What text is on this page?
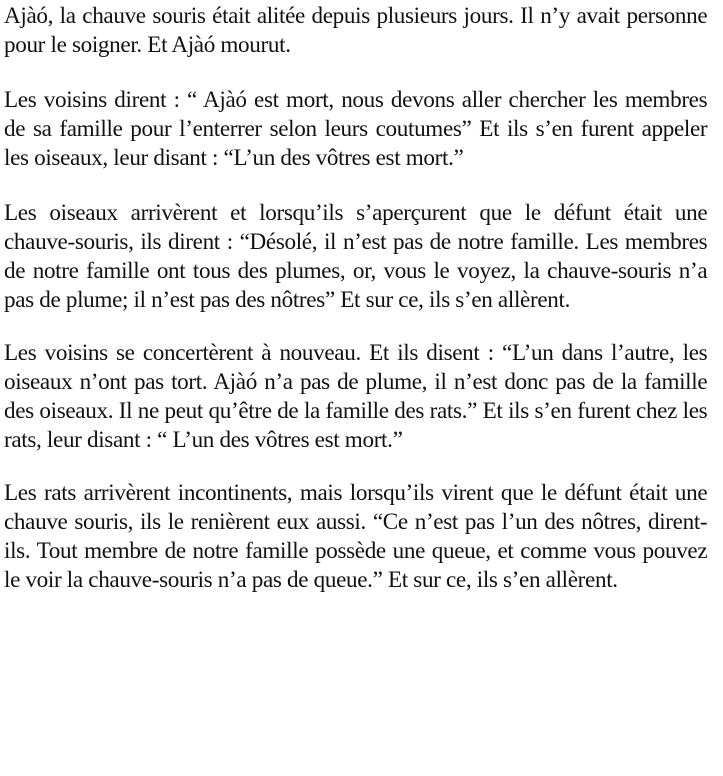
Ajàó, la chauve souris était alitée depuis plusieurs jours. Il n’y avait personne pour le soigner. Et Ajàó mourut.

Les voisins dirent : “ Ajàó est mort, nous devons aller chercher les membres de sa famille pour l’enterrer selon leurs coutumes” Et ils s’en furent appeler les oiseaux, leur disant : “L’un des vôtres est mort.”

Les oiseaux arrivèrent et lorsqu’ils s’aperçurent que le défunt était une chauve-souris, ils dirent : “Désolé, il n’est pas de notre famille. Les membres de notre famille ont tous des plumes, or, vous le voyez, la chauve-souris n’a pas de plume; il n’est pas des nôtres” Et sur ce, ils s’en allèrent.

Les voisins se concertèrent à nouveau. Et ils disent : “L’un dans l’autre, les oiseaux n’ont pas tort. Ajàó n’a pas de plume, il n’est donc pas de la famille des oiseaux. Il ne peut qu’être de la famille des rats.” Et ils s’en furent chez les rats, leur disant : “ L’un des vôtres est mort.”

Les rats arrivèrent incontinents, mais lorsqu’ils virent que le défunt était une chauve souris, ils le renièrent eux aussi. “Ce n’est pas l’un des nôtres, dirent-ils. Tout membre de notre famille possède une queue, et comme vous pouvez le voir la chauve-souris n’a pas de queue.” Et sur ce, ils s’en allèrent.
